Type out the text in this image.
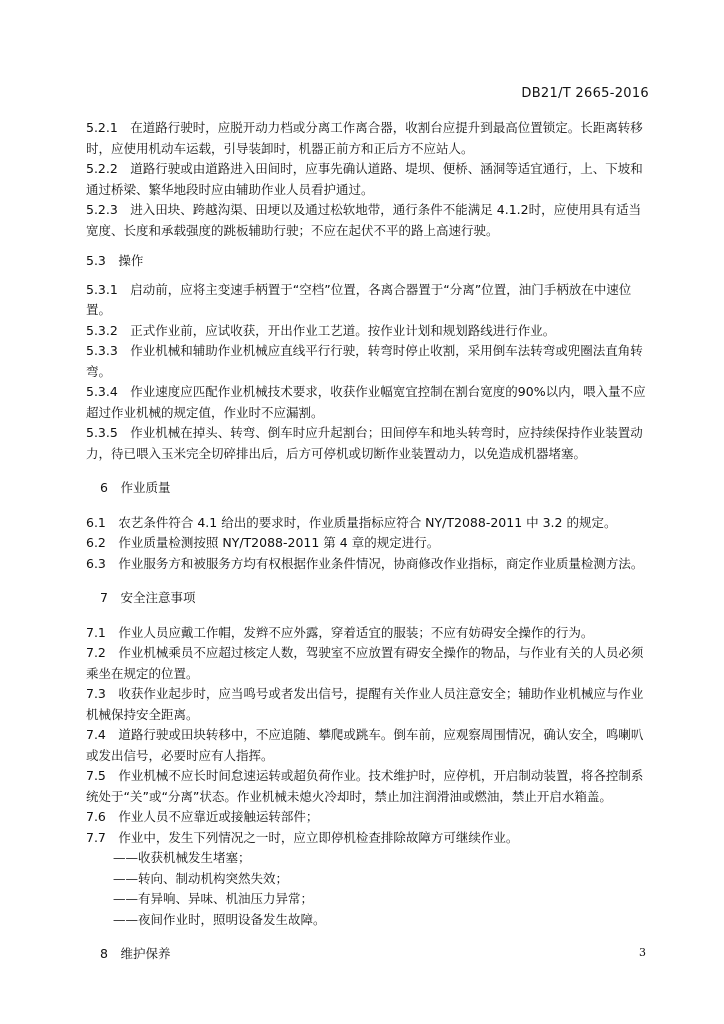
DB21/T 2665-2016

5.2.1　在道路行驶时，应脱开动力档或分离工作离合器，收割台应提升到最高位置锁定。长距离转移时，应使用机动车运载，引导装卸时，机器正前方和正后方不应站人。

5.2.2　道路行驶或由道路进入田间时，应事先确认道路、堤坝、便桥、涵洞等适宜通行，上、下坡和通过桥梁、繁华地段时应由辅助作业人员看护通过。

5.2.3　进入田块、跨越沟渠、田埂以及通过松软地带，通行条件不能满足 4.1.2时，应使用具有适当宽度、长度和承载强度的跳板辅助行驶；不应在起伏不平的路上高速行驶。

5.3　操作

5.3.1　启动前，应将主变速手柄置于“空档”位置，各离合器置于“分离”位置，油门手柄放在中速位置。

5.3.2　正式作业前，应试收获，开出作业工艺道。按作业计划和规划路线进行作业。

5.3.3　作业机械和辅助作业机械应直线平行行驶，转弯时停止收割，采用倒车法转弯或兜圈法直角转弯。

5.3.4　作业速度应匹配作业机械技术要求，收获作业幅宽宜控制在割台宽度的90%以内，喂入量不应超过作业机械的规定值，作业时不应漏割。

5.3.5　作业机械在掉头、转弯、倒车时应升起割台；田间停车和地头转弯时，应持续保持作业装置动力，待已喂入玉米完全切碎排出后，后方可停机或切断作业装置动力，以免造成机器堵塞。

6　作业质量

6.1　农艺条件符合 4.1 给出的要求时，作业质量指标应符合 NY/T2088-2011 中 3.2 的规定。

6.2　作业质量检测按照 NY/T2088-2011 第 4 章的规定进行。

6.3　作业服务方和被服务方均有权根据作业条件情况，协商修改作业指标，商定作业质量检测方法。

7　安全注意事项

7.1　作业人员应戴工作帽，发辫不应外露，穿着适宜的服装；不应有妨碍安全操作的行为。

7.2　作业机械乘员不应超过核定人数，驾驶室不应放置有碍安全操作的物品，与作业有关的人员必须乘坐在规定的位置。

7.3　收获作业起步时，应当鸣号或者发出信号，提醒有关作业人员注意安全；辅助作业机械应与作业机械保持安全距离。

7.4　道路行驶或田块转移中，不应追随、攀爬或跳车。倒车前，应观察周围情况，确认安全，鸣喇叭或发出信号，必要时应有人指挥。

7.5　作业机械不应长时间怠速运转或超负荷作业。技术维护时，应停机，开启制动装置，将各控制系统处于“关”或“分离”状态。作业机械未熄火冷却时，禁止加注润滑油或燃油，禁止开启水箱盖。

7.6　作业人员不应靠近或接触运转部件；

7.7　作业中，发生下列情况之一时，应立即停机检查排除故障方可继续作业。

——收获机械发生堵塞；

——转向、制动机构突然失效；

——有异响、异味、机油压力异常；

——夜间作业时，照明设备发生故障。

8　维护保养	3
